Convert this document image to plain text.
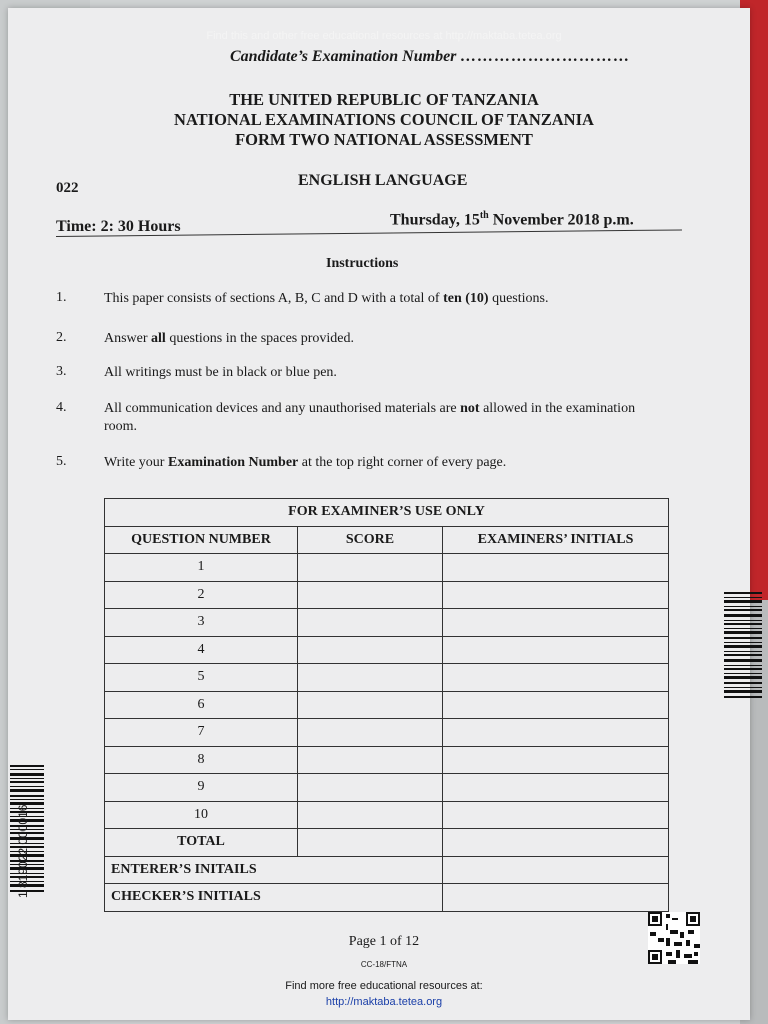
Find this and other free educational resources at http://maktaba.tetea.org
Candidate’s Examination Number …………………………
THE UNITED REPUBLIC OF TANZANIA
NATIONAL EXAMINATIONS COUNCIL OF TANZANIA
FORM TWO NATIONAL ASSESSMENT
022	ENGLISH LANGUAGE
Time: 2: 30 Hours	Thursday, 15th November 2018 p.m.
Instructions
1.	This paper consists of sections A, B, C and D with a total of ten (10) questions.
2.	Answer all questions in the spaces provided.
3.	All writings must be in black or blue pen.
4.	All communication devices and any unauthorised materials are not allowed in the examination room.
5.	Write your Examination Number at the top right corner of every page.
FOR EXAMINER’S USE ONLY		
QUESTION NUMBER	SCORE	EXAMINERS’ INITIALS
1		
2		
3		
4		
5		
6		
7		
8		
9		
10		
TOTAL		
ENTERER’S INITAILS		
CHECKER’S INITIALS		
1 819022 000016
Page 1 of 12
CC-18/FTNA
Find more free educational resources at:
http://maktaba.tetea.org
